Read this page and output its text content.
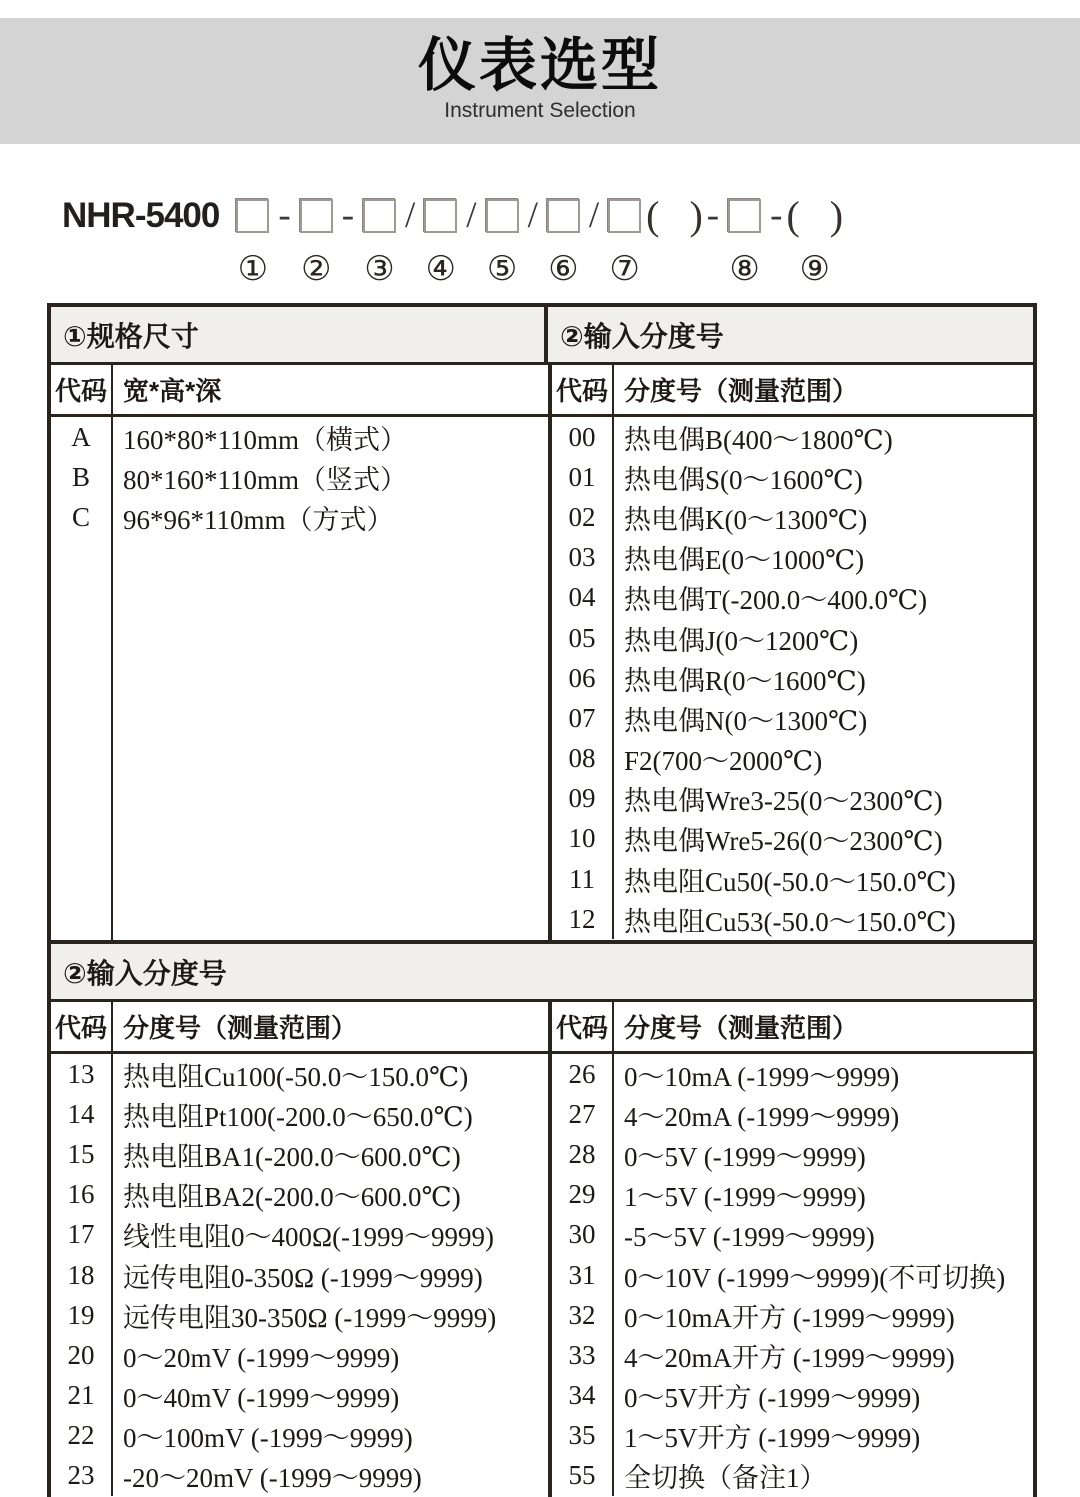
仪表选型
Instrument Selection
NHR-5400
①
-
②
-
③
/
④
/
⑤
/
⑥
/
⑦
(   ) -
⑧
- (   )
⑨
①规格尺寸	②输入分度号
代码 宽*高*深	代码 分度号（测量范围）
A	160*80*110mm（横式）
B	80*160*110mm（竖式）
C	96*96*110mm（方式）
00	热电偶B(400～1800℃)
01	热电偶S(0～1600℃)
02	热电偶K(0～1300℃)
03	热电偶E(0～1000℃)
04	热电偶T(-200.0～400.0℃)
05	热电偶J(0～1200℃)
06	热电偶R(0～1600℃)
07	热电偶N(0～1300℃)
08	F2(700～2000℃)
09	热电偶Wre3-25(0～2300℃)
10	热电偶Wre5-26(0～2300℃)
11	热电阻Cu50(-50.0～150.0℃)
12	热电阻Cu53(-50.0～150.0℃)
②输入分度号
代码 分度号（测量范围）	代码 分度号（测量范围）
13	热电阻Cu100(-50.0～150.0℃)
14	热电阻Pt100(-200.0～650.0℃)
15	热电阻BA1(-200.0～600.0℃)
16	热电阻BA2(-200.0～600.0℃)
17	线性电阻0～400Ω(-1999～9999)
18	远传电阻0-350Ω (-1999～9999)
19	远传电阻30-350Ω (-1999～9999)
20	0～20mV (-1999～9999)
21	0～40mV (-1999～9999)
22	0～100mV (-1999～9999)
23	-20～20mV (-1999～9999)
26	0～10mA (-1999～9999)
27	4～20mA (-1999～9999)
28	0～5V (-1999～9999)
29	1～5V (-1999～9999)
30	-5～5V (-1999～9999)
31	0～10V (-1999～9999)(不可切换)
32	0～10mA开方 (-1999～9999)
33	4～20mA开方 (-1999～9999)
34	0～5V开方 (-1999～9999)
35	1～5V开方 (-1999～9999)
55	全切换（备注1）
